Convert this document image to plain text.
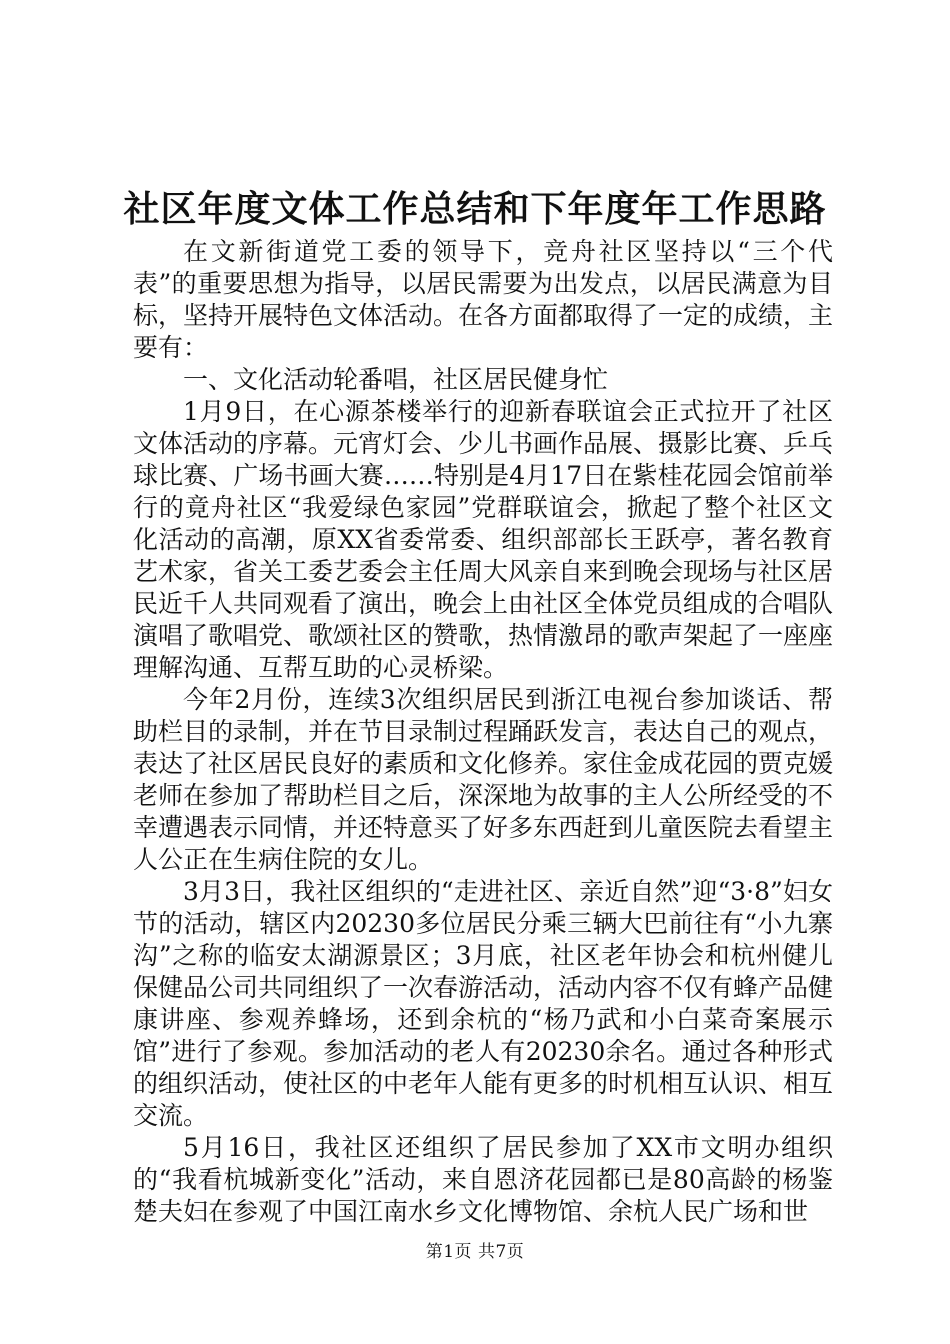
社区年度文体工作总结和下年度年工作思路

在文新街道党工委的领导下，竞舟社区坚持以“三个代表”的重要思想为指导，以居民需要为出发点，以居民满意为目标，坚持开展特色文体活动。在各方面都取得了一定的成绩，主要有：

一、文化活动轮番唱，社区居民健身忙

1月9日，在心源茶楼举行的迎新春联谊会正式拉开了社区文体活动的序幕。元宵灯会、少儿书画作品展、摄影比赛、乒乓球比赛、广场书画大赛……特别是4月17日在紫桂花园会馆前举行的竟舟社区“我爱绿色家园”党群联谊会，掀起了整个社区文化活动的高潮，原XX省委常委、组织部部长王跃亭，著名教育艺术家，省关工委艺委会主任周大风亲自来到晚会现场与社区居民近千人共同观看了演出，晚会上由社区全体党员组成的合唱队演唱了歌唱党、歌颂社区的赞歌，热情激昂的歌声架起了一座座理解沟通、互帮互助的心灵桥梁。

今年2月份，连续3次组织居民到浙江电视台参加谈话、帮助栏目的录制，并在节目录制过程踊跃发言，表达自己的观点，表达了社区居民良好的素质和文化修养。家住金成花园的贾克媛老师在参加了帮助栏目之后，深深地为故事的主人公所经受的不幸遭遇表示同情，并还特意买了好多东西赶到儿童医院去看望主人公正在生病住院的女儿。

3月3日，我社区组织的“走进社区、亲近自然”迎“3·8”妇女节的活动，辖区内20230多位居民分乘三辆大巴前往有“小九寨沟”之称的临安太湖源景区；3月底，社区老年协会和杭州健儿保健品公司共同组织了一次春游活动，活动内容不仅有蜂产品健康讲座、参观养蜂场，还到余杭的“杨乃武和小白菜奇案展示馆”进行了参观。参加活动的老人有20230余名。通过各种形式的组织活动，使社区的中老年人能有更多的时机相互认识、相互交流。

5月16日，我社区还组织了居民参加了XX市文明办组织的“我看杭城新变化”活动，来自恩济花园都已是80高龄的杨鉴楚夫妇在参观了中国江南水乡文化博物馆、余杭人民广场和世

第1页 共7页
